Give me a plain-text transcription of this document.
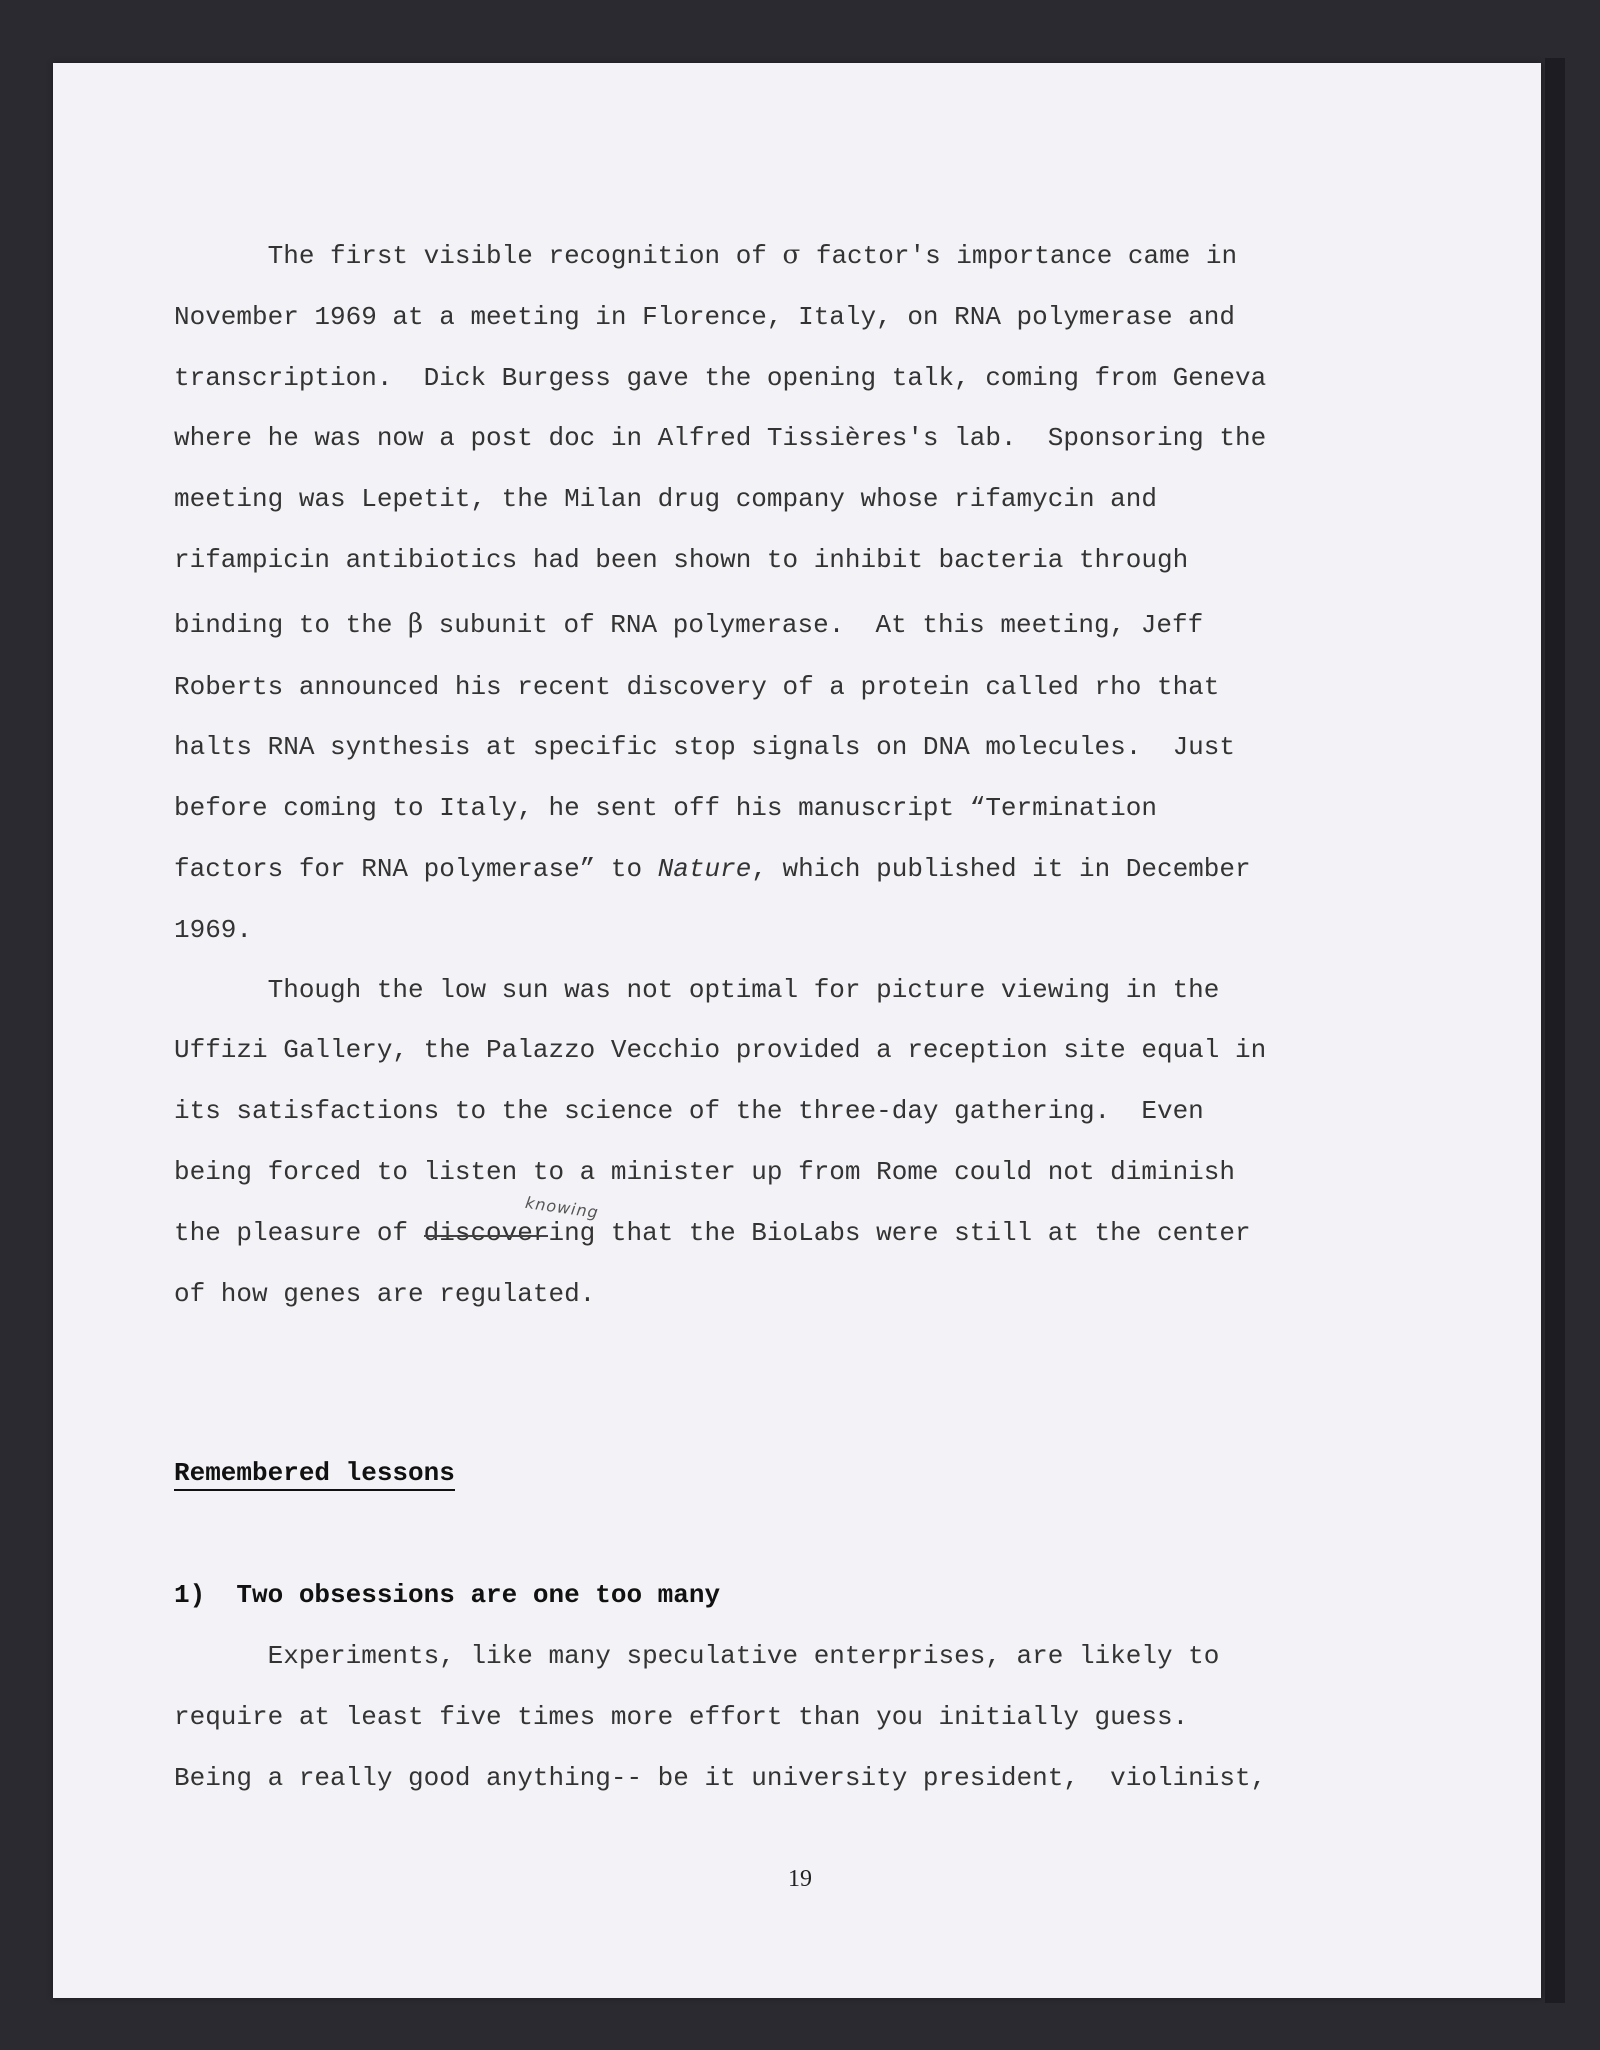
The first visible recognition of σ factor's importance came in
November 1969 at a meeting in Florence, Italy, on RNA polymerase and
transcription.  Dick Burgess gave the opening talk, coming from Geneva
where he was now a post doc in Alfred Tissières's lab.  Sponsoring the
meeting was Lepetit, the Milan drug company whose rifamycin and
rifampicin antibiotics had been shown to inhibit bacteria through
binding to the β subunit of RNA polymerase.  At this meeting, Jeff
Roberts announced his recent discovery of a protein called rho that
halts RNA synthesis at specific stop signals on DNA molecules.  Just
before coming to Italy, he sent off his manuscript “Termination
factors for RNA polymerase” to Nature, which published it in December
1969.
Though the low sun was not optimal for picture viewing in the
Uffizi Gallery, the Palazzo Vecchio provided a reception site equal in
its satisfactions to the science of the three-day gathering.  Even
being forced to listen to a minister up from Rome could not diminish
the pleasure of discovering that the BioLabs were still at the center
of how genes are regulated.
knowing
Remembered lessons
1)  Two obsessions are one too many
Experiments, like many speculative enterprises, are likely to
require at least five times more effort than you initially guess.
Being a really good anything-- be it university president,  violinist,
19
